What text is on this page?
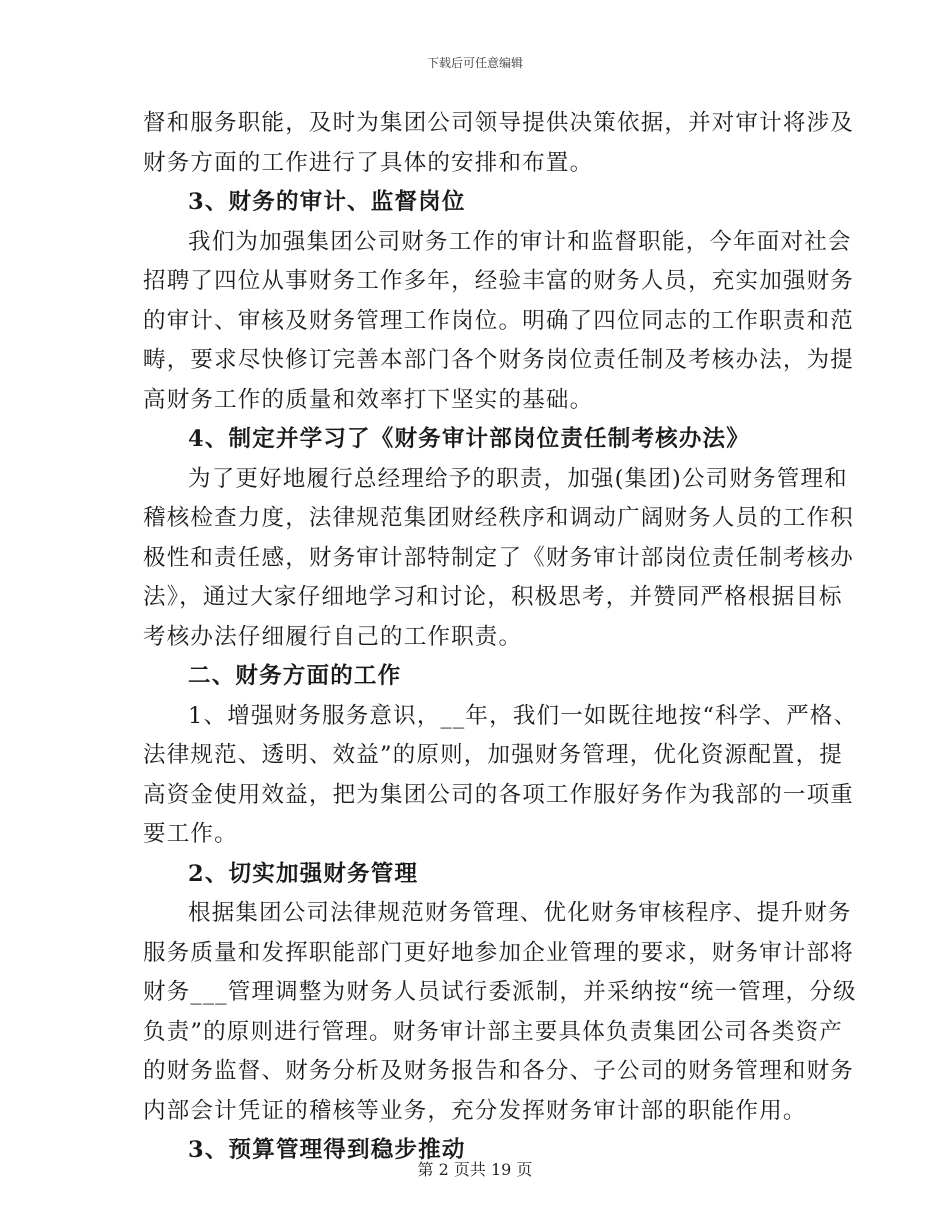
下载后可任意编辑
督和服务职能，及时为集团公司领导提供决策依据，并对审计将涉及
财务方面的工作进行了具体的安排和布置。
3、财务的审计、监督岗位
我们为加强集团公司财务工作的审计和监督职能，今年面对社会
招聘了四位从事财务工作多年，经验丰富的财务人员，充实加强财务
的审计、审核及财务管理工作岗位。明确了四位同志的工作职责和范
畴，要求尽快修订完善本部门各个财务岗位责任制及考核办法，为提
高财务工作的质量和效率打下坚实的基础。
4、制定并学习了《财务审计部岗位责任制考核办法》
为了更好地履行总经理给予的职责，加强(集团)公司财务管理和
稽核检查力度，法律规范集团财经秩序和调动广阔财务人员的工作积
极性和责任感，财务审计部特制定了《财务审计部岗位责任制考核办
法》，通过大家仔细地学习和讨论，积极思考，并赞同严格根据目标
考核办法仔细履行自己的工作职责。
二、财务方面的工作
1、增强财务服务意识，__年，我们一如既往地按“科学、严格、
法律规范、透明、效益”的原则，加强财务管理，优化资源配置，提
高资金使用效益，把为集团公司的各项工作服好务作为我部的一项重
要工作。
2、切实加强财务管理
根据集团公司法律规范财务管理、优化财务审核程序、提升财务
服务质量和发挥职能部门更好地参加企业管理的要求，财务审计部将
财务___管理调整为财务人员试行委派制，并采纳按“统一管理，分级
负责”的原则进行管理。财务审计部主要具体负责集团公司各类资产
的财务监督、财务分析及财务报告和各分、子公司的财务管理和财务
内部会计凭证的稽核等业务，充分发挥财务审计部的职能作用。
3、预算管理得到稳步推动
第 2 页共 19 页
